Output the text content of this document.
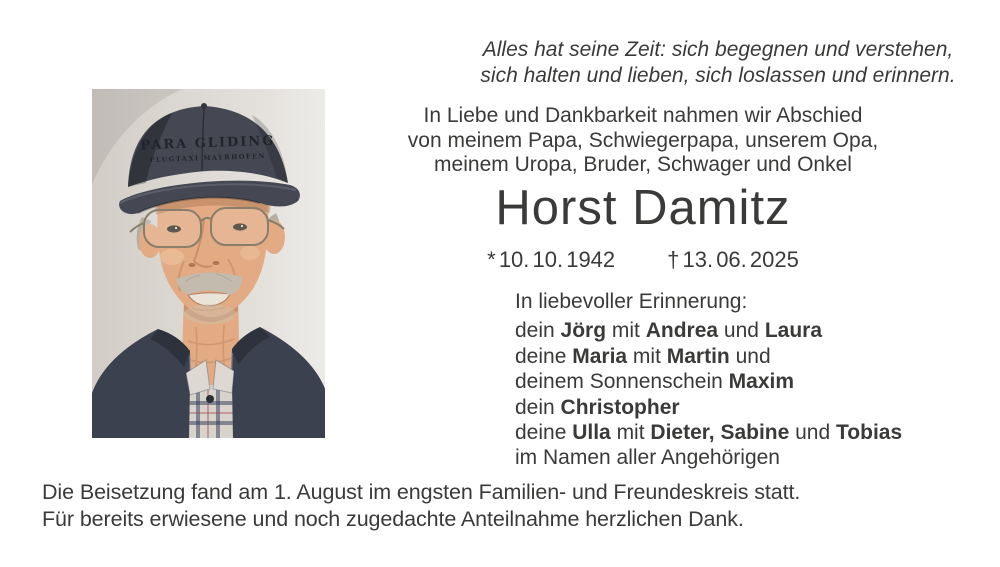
PARA GLIDING
FLUGTAXI MAYRHOFEN
Alles hat seine Zeit: sich begegnen und verstehen,
sich halten und lieben, sich loslassen und erinnern.
In Liebe und Dankbarkeit nahmen wir Abschied
von meinem Papa, Schwiegerpapa, unserem Opa,
meinem Uropa, Bruder, Schwager und Onkel
Horst Damitz
* 10. 10. 1942 † 13. 06. 2025
In liebevoller Erinnerung:
dein Jörg mit Andrea und Laura
deine Maria mit Martin und
deinem Sonnenschein Maxim
dein Christopher
deine Ulla mit Dieter, Sabine und Tobias
im Namen aller Angehörigen
Die Beisetzung fand am 1. August im engsten Familien- und Freundeskreis statt.
Für bereits erwiesene und noch zugedachte Anteilnahme herzlichen Dank.
